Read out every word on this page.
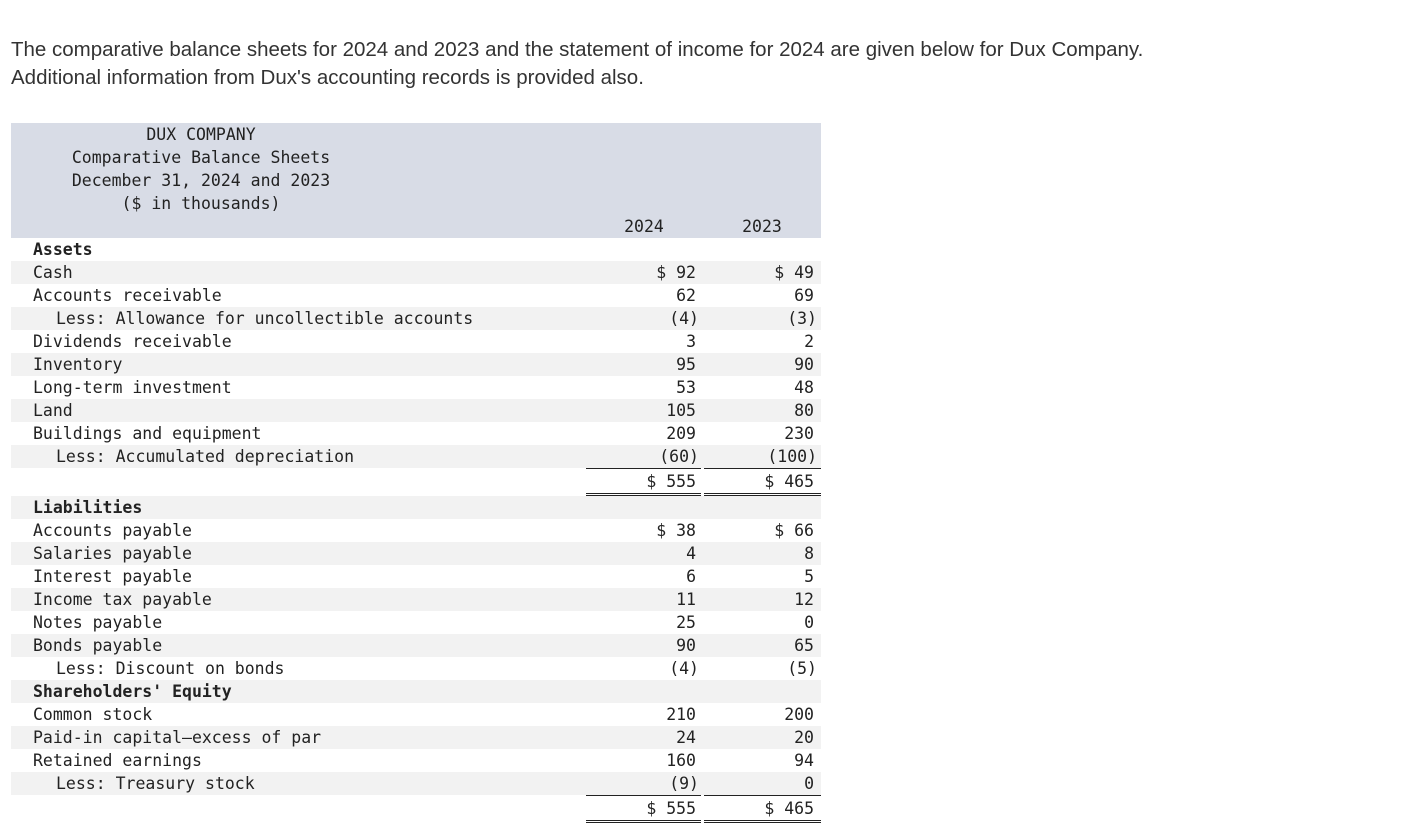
The comparative balance sheets for 2024 and 2023 and the statement of income for 2024 are given below for Dux Company.

Additional information from Dux's accounting records is provided also.

DUX COMPANY
Comparative Balance Sheets
December 31, 2024 and 2023
($ in thousands)
2024	2023
Assets
Cash	$ 92	$ 49
Accounts receivable	62	69
Less: Allowance for uncollectible accounts	(4)	(3)
Dividends receivable	3	2
Inventory	95	90
Long-term investment	53	48
Land	105	80
Buildings and equipment	209	230
Less: Accumulated depreciation	(60)	(100)
$ 555	$ 465
Liabilities
Accounts payable	$ 38	$ 66
Salaries payable	4	8
Interest payable	6	5
Income tax payable	11	12
Notes payable	25	0
Bonds payable	90	65
Less: Discount on bonds	(4)	(5)
Shareholders' Equity
Common stock	210	200
Paid-in capital—excess of par	24	20
Retained earnings	160	94
Less: Treasury stock	(9)	0
$ 555	$ 465
